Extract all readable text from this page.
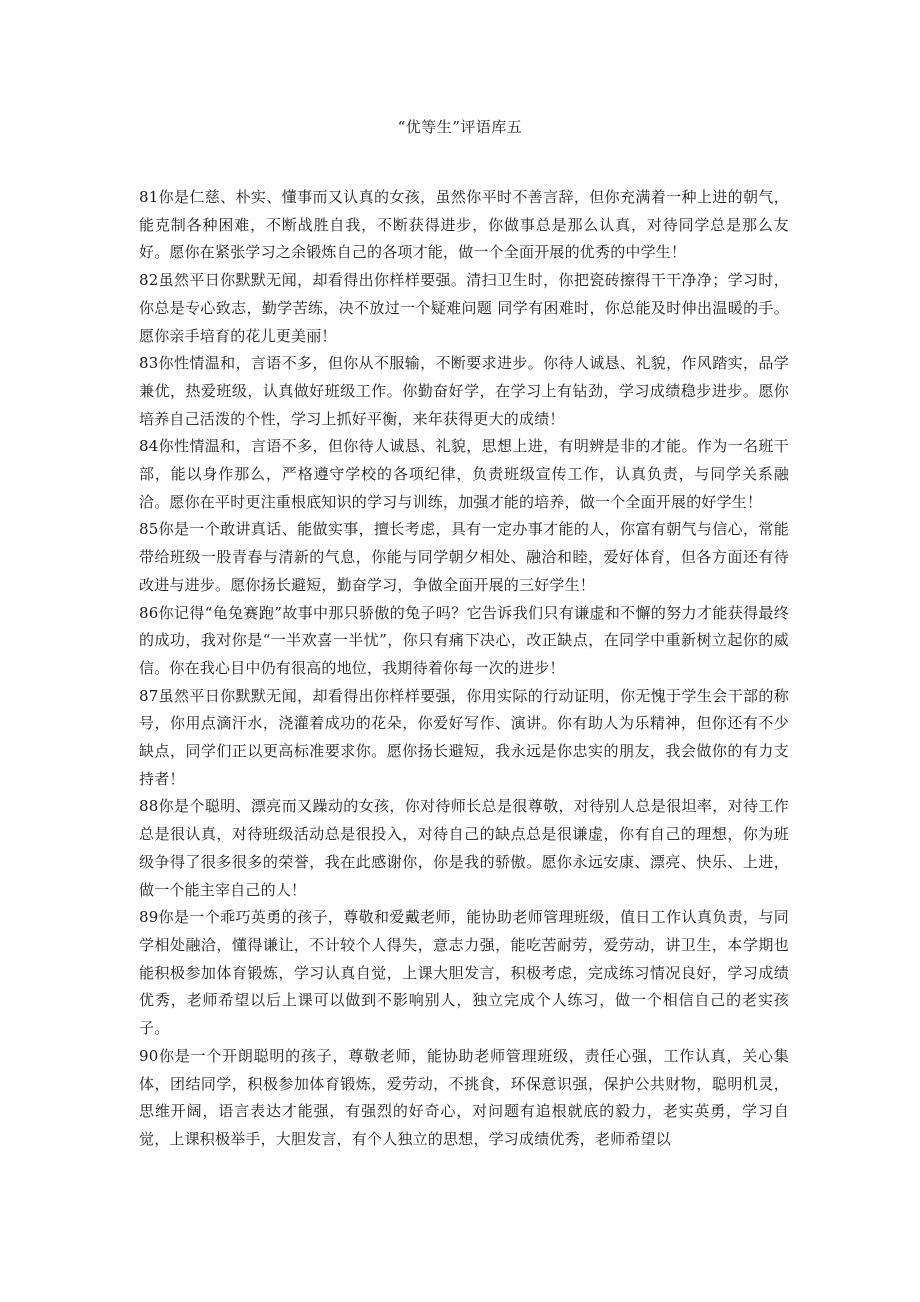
“优等生”评语库五

81你是仁慈、朴实、懂事而又认真的女孩，虽然你平时不善言辞，但你充满着一种上进的朝气，能克制各种困难，不断战胜自我，不断获得进步，你做事总是那么认真，对待同学总是那么友好。愿你在紧张学习之余锻炼自己的各项才能，做一个全面开展的优秀的中学生！

82虽然平日你默默无闻，却看得出你样样要强。清扫卫生时，你把瓷砖擦得干干净净；学习时，你总是专心致志，勤学苦练，决不放过一个疑难问题 同学有困难时，你总能及时伸出温暖的手。愿你亲手培育的花儿更美丽！

83你性情温和，言语不多，但你从不服输，不断要求进步。你待人诚恳、礼貌，作风踏实，品学兼优，热爱班级，认真做好班级工作。你勤奋好学，在学习上有钻劲，学习成绩稳步进步。愿你培养自己活泼的个性，学习上抓好平衡，来年获得更大的成绩！

84你性情温和，言语不多，但你待人诚恳、礼貌，思想上进，有明辨是非的才能。作为一名班干部，能以身作那么，严格遵守学校的各项纪律，负责班级宣传工作，认真负责，与同学关系融洽。愿你在平时更注重根底知识的学习与训练，加强才能的培养，做一个全面开展的好学生！

85你是一个敢讲真话、能做实事，擅长考虑，具有一定办事才能的人，你富有朝气与信心，常能带给班级一股青春与清新的气息，你能与同学朝夕相处、融洽和睦，爱好体育，但各方面还有待改进与进步。愿你扬长避短，勤奋学习，争做全面开展的三好学生！

86你记得“龟兔赛跑”故事中那只骄傲的兔子吗？它告诉我们只有谦虚和不懈的努力才能获得最终的成功，我对你是“一半欢喜一半忧”，你只有痛下决心，改正缺点，在同学中重新树立起你的威信。你在我心目中仍有很高的地位，我期待着你每一次的进步！

87虽然平日你默默无闻，却看得出你样样要强，你用实际的行动证明，你无愧于学生会干部的称号，你用点滴汗水，浇灌着成功的花朵，你爱好写作、演讲。你有助人为乐精神，但你还有不少缺点，同学们正以更高标准要求你。愿你扬长避短，我永远是你忠实的朋友，我会做你的有力支持者！

88你是个聪明、漂亮而又躁动的女孩，你对待师长总是很尊敬，对待别人总是很坦率，对待工作总是很认真，对待班级活动总是很投入，对待自己的缺点总是很谦虚，你有自己的理想，你为班级争得了很多很多的荣誉，我在此感谢你，你是我的骄傲。愿你永远安康、漂亮、快乐、上进，做一个能主宰自己的人！

89你是一个乖巧英勇的孩子，尊敬和爱戴老师，能协助老师管理班级，值日工作认真负责，与同学相处融洽，懂得谦让，不计较个人得失，意志力强，能吃苦耐劳，爱劳动，讲卫生，本学期也能积极参加体育锻炼，学习认真自觉，上课大胆发言，积极考虑，完成练习情况良好，学习成绩优秀，老师希望以后上课可以做到不影响别人，独立完成个人练习，做一个相信自己的老实孩子。

90你是一个开朗聪明的孩子，尊敬老师，能协助老师管理班级，责任心强，工作认真，关心集体，团结同学，积极参加体育锻炼，爱劳动，不挑食，环保意识强，保护公共财物，聪明机灵，思维开阔，语言表达才能强，有强烈的好奇心，对问题有追根就底的毅力，老实英勇，学习自觉，上课积极举手，大胆发言，有个人独立的思想，学习成绩优秀，老师希望以
